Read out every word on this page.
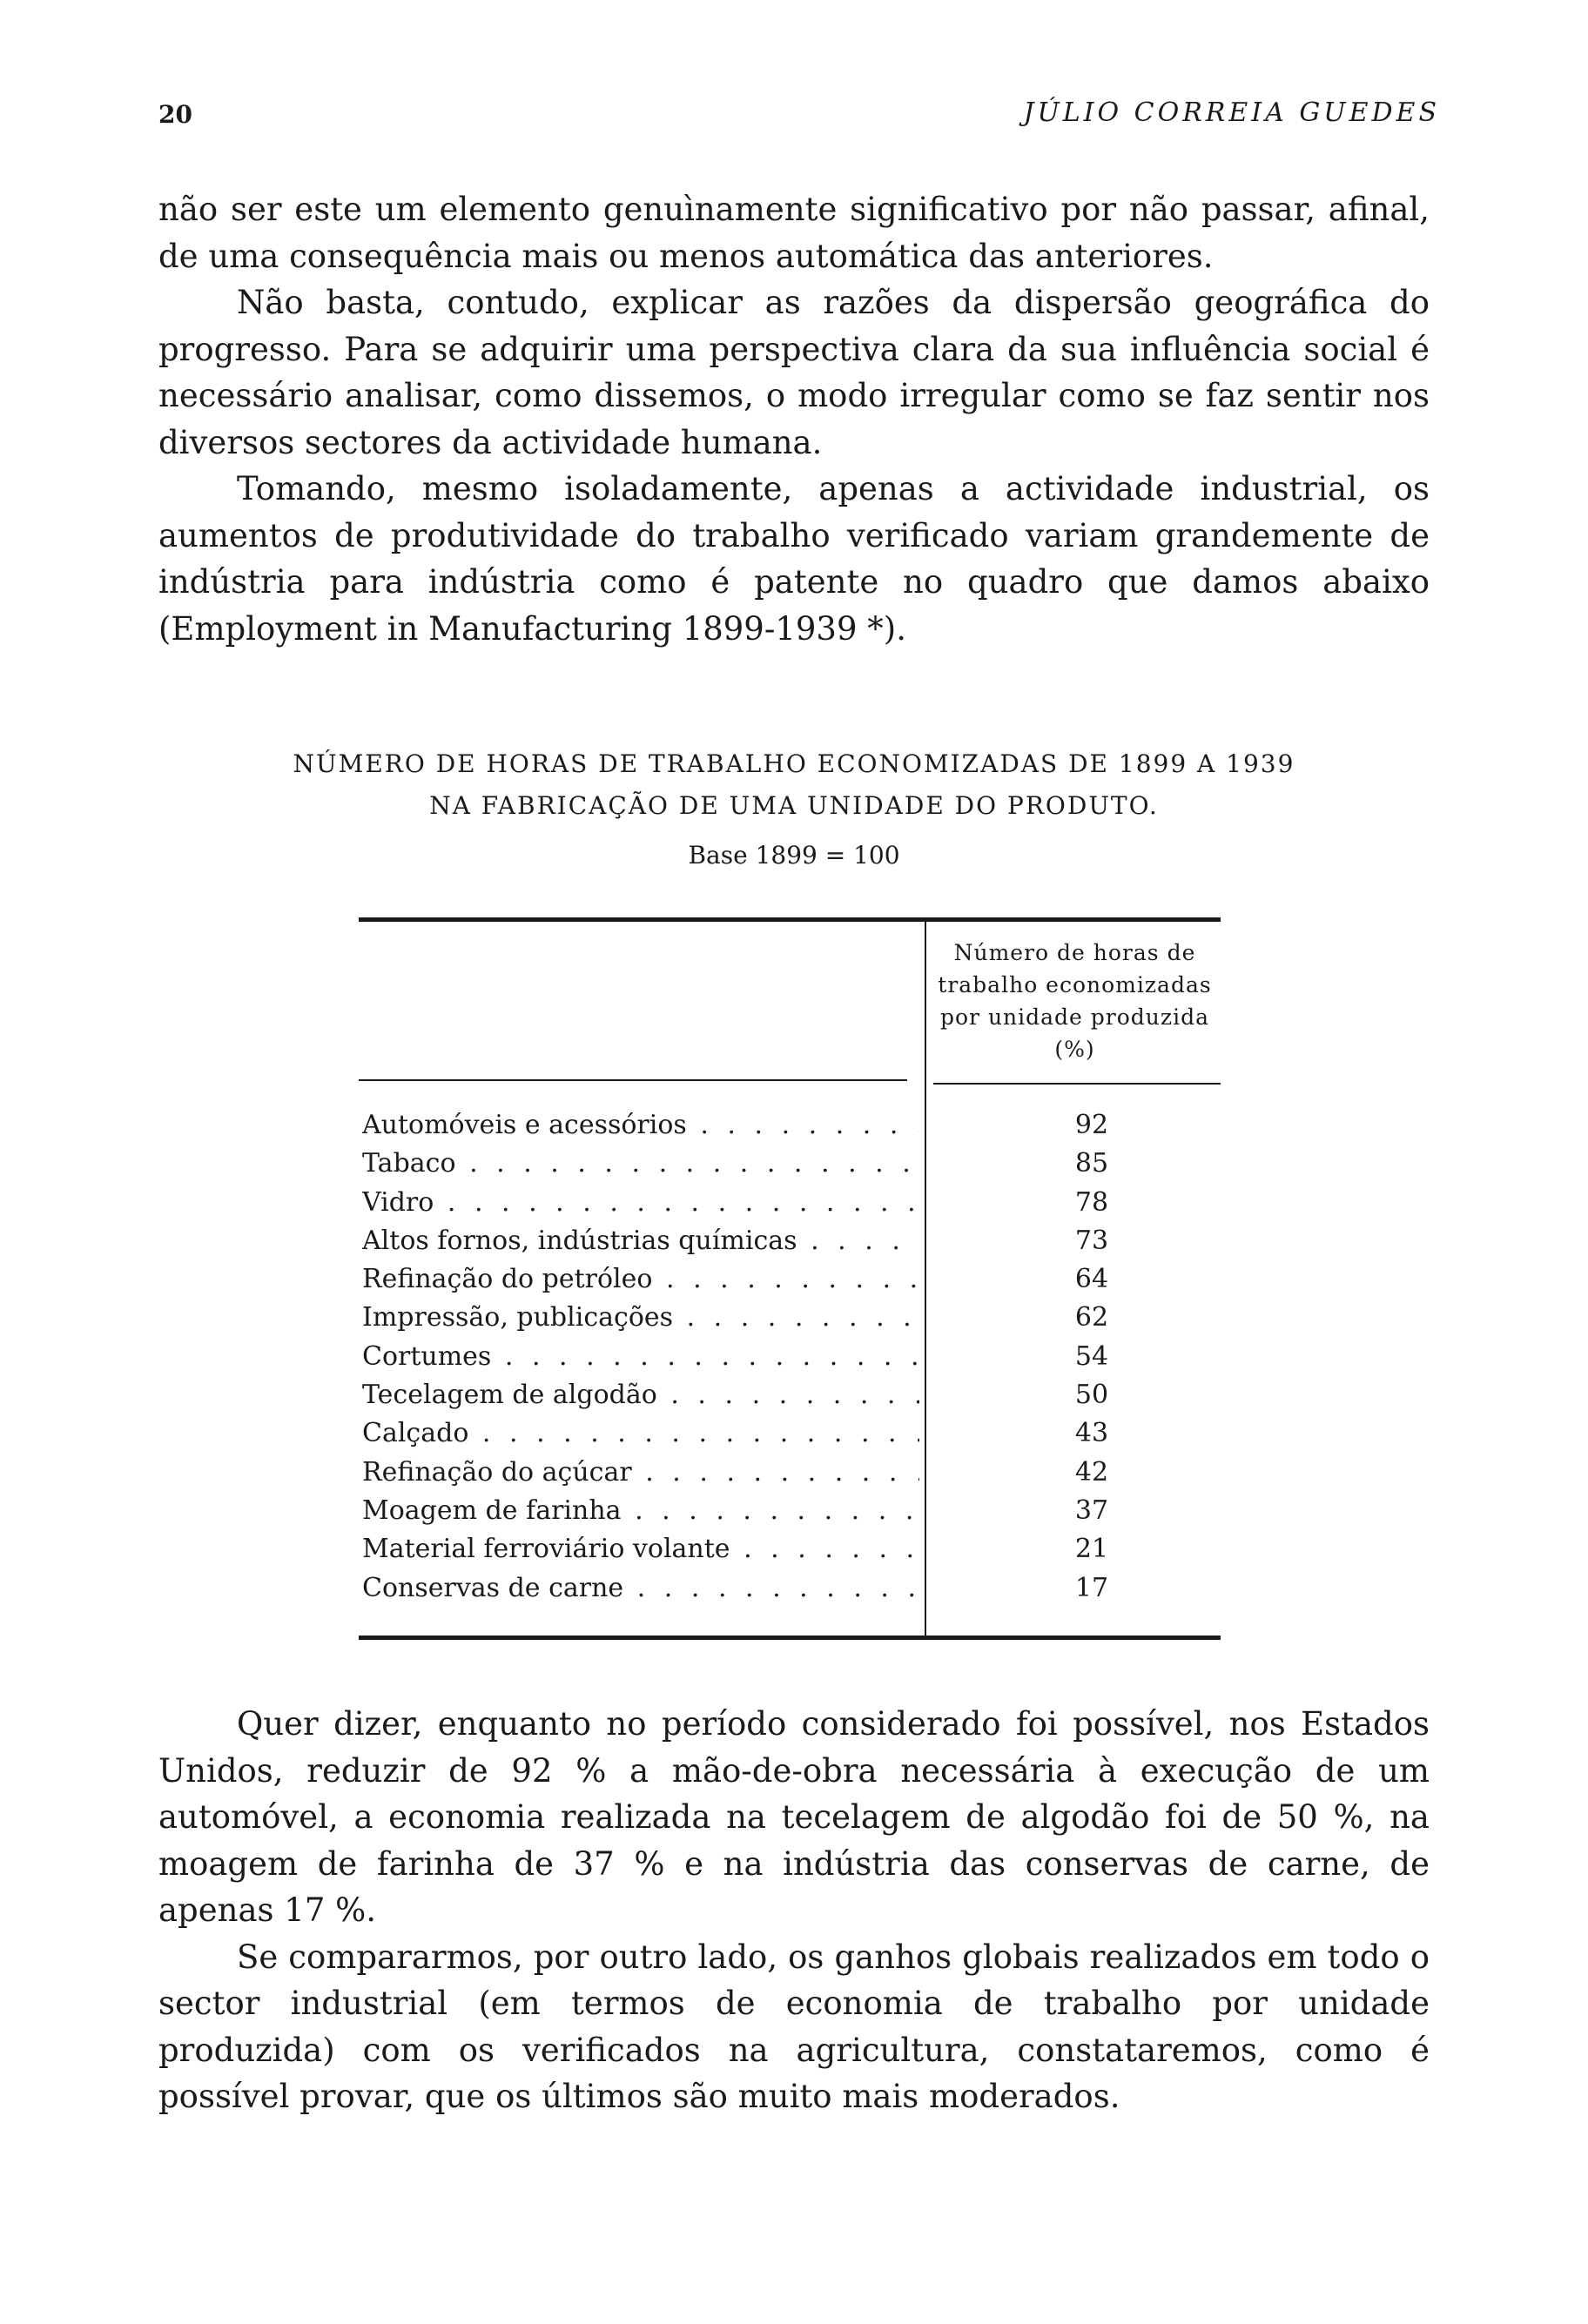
20	JÚLIO CORREIA GUEDES

não ser este um elemento genuìnamente significativo por não passar, afinal, de uma consequência mais ou menos automática das anteriores.

Não basta, contudo, explicar as razões da dispersão geográfica do progresso. Para se adquirir uma perspectiva clara da sua influência social é necessário analisar, como dissemos, o modo irregular como se faz sentir nos diversos sectores da actividade humana.

Tomando, mesmo isoladamente, apenas a actividade industrial, os aumentos de produtividade do trabalho verificado variam grandemente de indústria para indústria como é patente no quadro que damos abaixo (Employment in Manufacturing 1899-1939 *).

NÚMERO DE HORAS DE TRABALHO ECONOMIZADAS DE 1899 A 1939
NA FABRICAÇÃO DE UMA UNIDADE DO PRODUTO.
Base 1899 = 100
Número de horas de trabalho economizadas por unidade produzida (%)
Automóveis e acessórios . . .	92
Tabaco . . .	85
Vidro . . .	78
Altos fornos, indústrias químicas . . .	73
Refinação do petróleo . . .	64
Impressão, publicações . . .	62
Cortumes . . .	54
Tecelagem de algodão . . .	50
Calçado . . .	43
Refinação do açúcar . . .	42
Moagem de farinha . . .	37
Material ferroviário volante . . .	21
Conservas de carne . . .	17

Quer dizer, enquanto no período considerado foi possível, nos Estados Unidos, reduzir de 92 % a mão-de-obra necessária à execução de um automóvel, a economia realizada na tecelagem de algodão foi de 50 %, na moagem de farinha de 37 % e na indústria das conservas de carne, de apenas 17 %.

Se compararmos, por outro lado, os ganhos globais realizados em todo o sector industrial (em termos de economia de trabalho por unidade produzida) com os verificados na agricultura, constataremos, como é possível provar, que os últimos são muito mais moderados.
